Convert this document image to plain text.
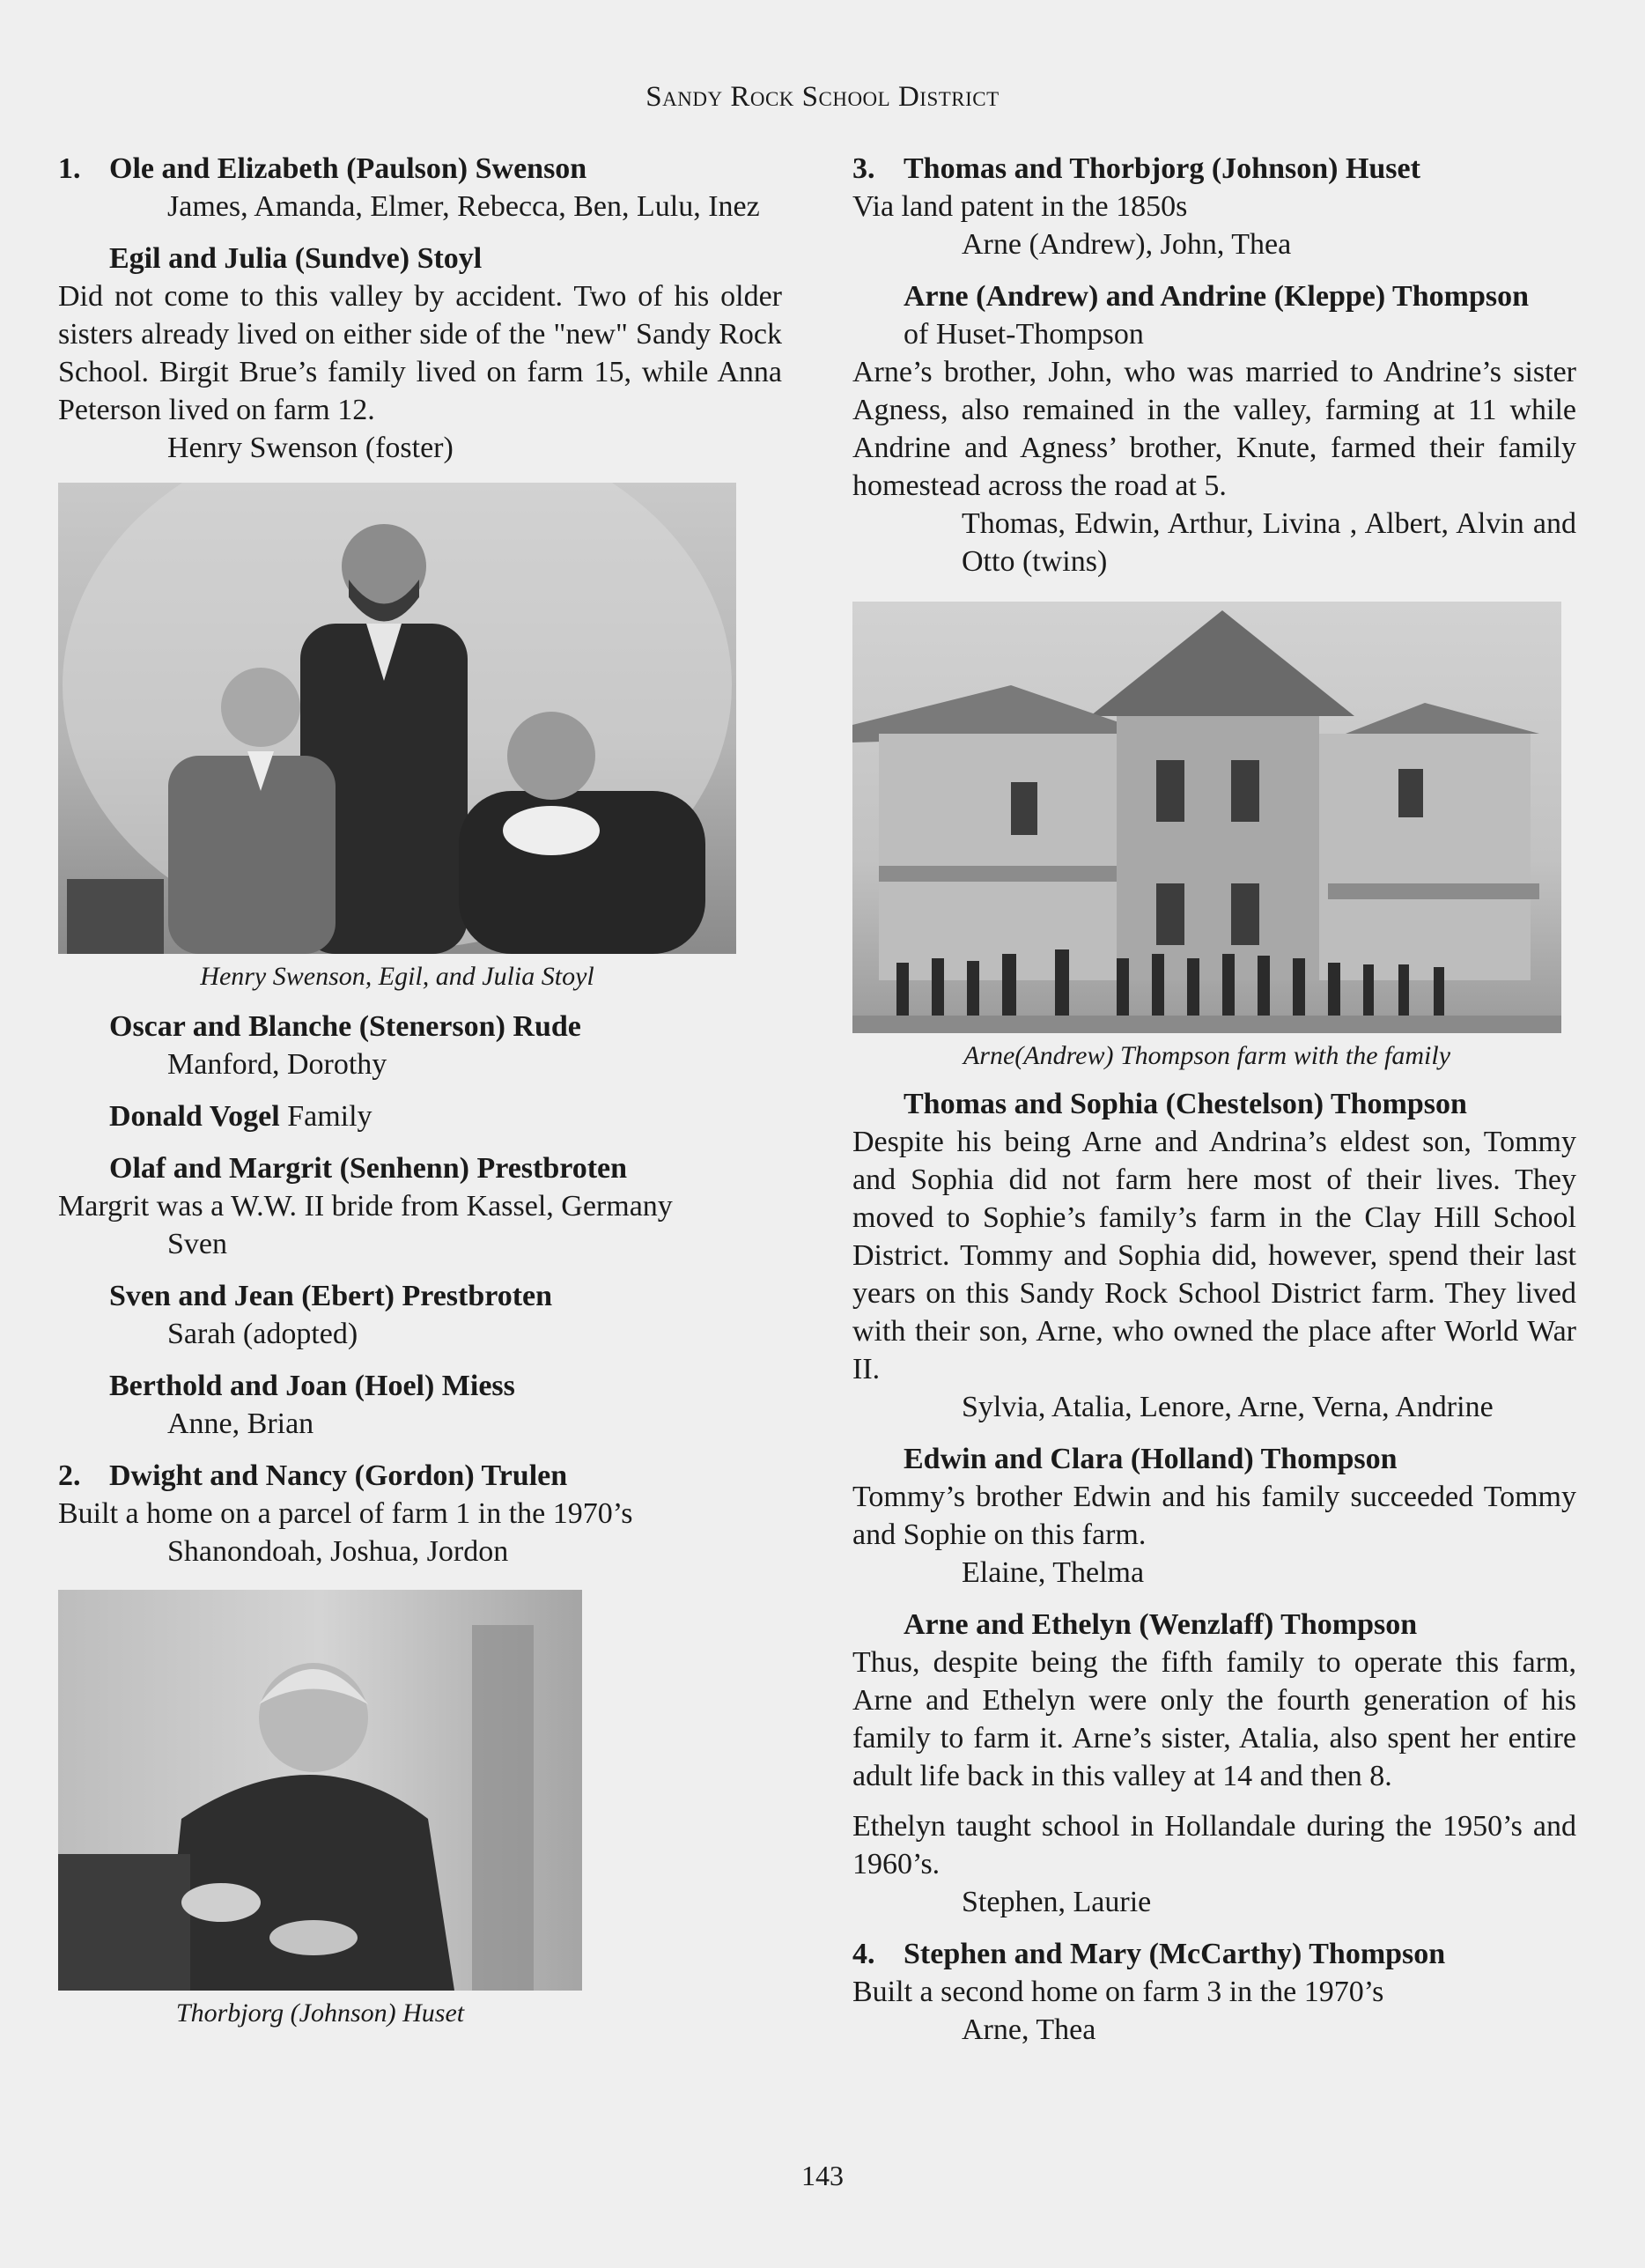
Sandy Rock School District
1. Ole and Elizabeth (Paulson) Swenson
James, Amanda, Elmer, Rebecca, Ben, Lulu, Inez
Egil and Julia (Sundve) Stoyl
Did not come to this valley by accident. Two of his older sisters already lived on either side of the "new" Sandy Rock School. Birgit Brue’s family lived on farm 15, while Anna Peterson lived on farm 12.
Henry Swenson (foster)
Henry Swenson, Egil, and Julia Stoyl
Oscar and Blanche (Stenerson) Rude
Manford, Dorothy
Donald Vogel Family
Olaf and Margrit (Senhenn) Prestbroten
Margrit was a W.W. II bride from Kassel, Germany
Sven
Sven and Jean (Ebert) Prestbroten
Sarah (adopted)
Berthold and Joan (Hoel) Miess
Anne, Brian
2. Dwight and Nancy (Gordon) Trulen
Built a home on a parcel of farm 1 in the 1970’s
Shanondoah, Joshua, Jordon
Thorbjorg (Johnson) Huset
3. Thomas and Thorbjorg (Johnson) Huset
Via land patent in the 1850s
Arne (Andrew), John, Thea
Arne (Andrew) and Andrine (Kleppe) Thompson
of Huset-Thompson
Arne’s brother, John, who was married to Andrine’s sister Agness, also remained in the valley, farming at 11 while Andrine and Agness’ brother, Knute, farmed their family homestead across the road at 5.
Thomas, Edwin, Arthur, Livina , Albert, Alvin and Otto (twins)
Arne(Andrew) Thompson farm with the family
Thomas and Sophia (Chestelson) Thompson
Despite his being Arne and Andrina’s eldest son, Tommy and Sophia did not farm here most of their lives. They moved to Sophie’s family’s farm in the Clay Hill School District. Tommy and Sophia did, however, spend their last years on this Sandy Rock School District farm. They lived with their son, Arne, who owned the place after World War II.
Sylvia, Atalia, Lenore, Arne, Verna, Andrine
Edwin and Clara (Holland) Thompson
Tommy’s brother Edwin and his family succeeded Tommy and Sophie on this farm.
Elaine, Thelma
Arne and Ethelyn (Wenzlaff) Thompson
Thus, despite being the fifth family to operate this farm, Arne and Ethelyn were only the fourth generation of his family to farm it. Arne’s sister, Atalia, also spent her entire adult life back in this valley at 14 and then 8.
Ethelyn taught school in Hollandale during the 1950’s and 1960’s.
Stephen, Laurie
4. Stephen and Mary (McCarthy) Thompson
Built a second home on farm 3 in the 1970’s
Arne, Thea
143
